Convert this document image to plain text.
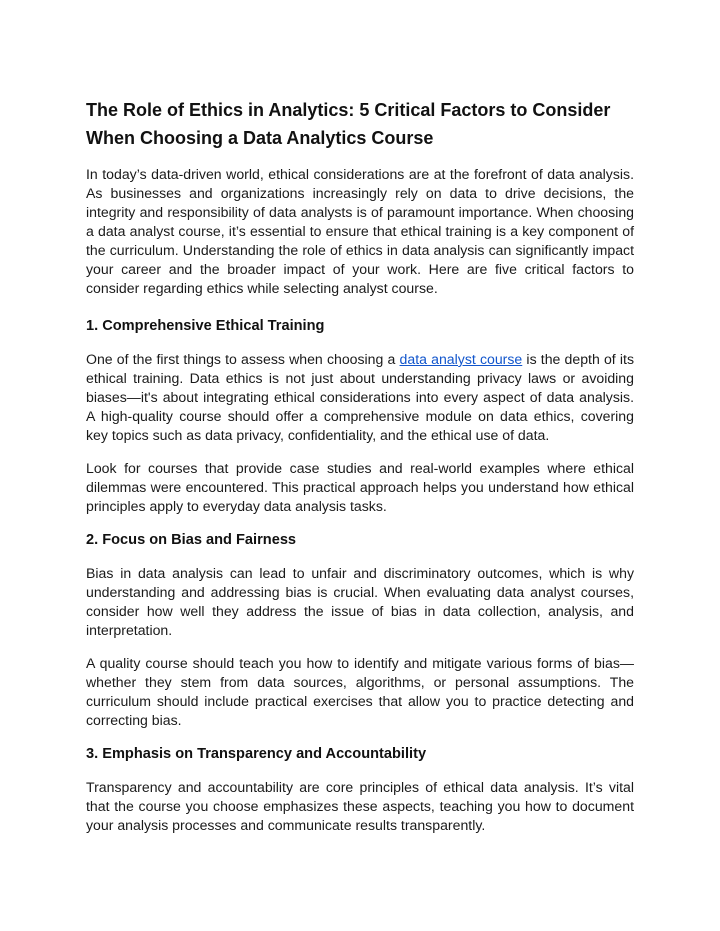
The Role of Ethics in Analytics: 5 Critical Factors to Consider When Choosing a Data Analytics Course

In today’s data-driven world, ethical considerations are at the forefront of data analysis. As businesses and organizations increasingly rely on data to drive decisions, the integrity and responsibility of data analysts is of paramount importance. When choosing a data analyst course, it’s essential to ensure that ethical training is a key component of the curriculum. Understanding the role of ethics in data analysis can significantly impact your career and the broader impact of your work. Here are five critical factors to consider regarding ethics while selecting analyst course.

1. Comprehensive Ethical Training

One of the first things to assess when choosing a data analyst course is the depth of its ethical training. Data ethics is not just about understanding privacy laws or avoiding biases—it's about integrating ethical considerations into every aspect of data analysis. A high-quality course should offer a comprehensive module on data ethics, covering key topics such as data privacy, confidentiality, and the ethical use of data.

Look for courses that provide case studies and real-world examples where ethical dilemmas were encountered. This practical approach helps you understand how ethical principles apply to everyday data analysis tasks.

2. Focus on Bias and Fairness

Bias in data analysis can lead to unfair and discriminatory outcomes, which is why understanding and addressing bias is crucial. When evaluating data analyst courses, consider how well they address the issue of bias in data collection, analysis, and interpretation.

A quality course should teach you how to identify and mitigate various forms of bias—whether they stem from data sources, algorithms, or personal assumptions. The curriculum should include practical exercises that allow you to practice detecting and correcting bias.

3. Emphasis on Transparency and Accountability

Transparency and accountability are core principles of ethical data analysis. It’s vital that the course you choose emphasizes these aspects, teaching you how to document your analysis processes and communicate results transparently.
